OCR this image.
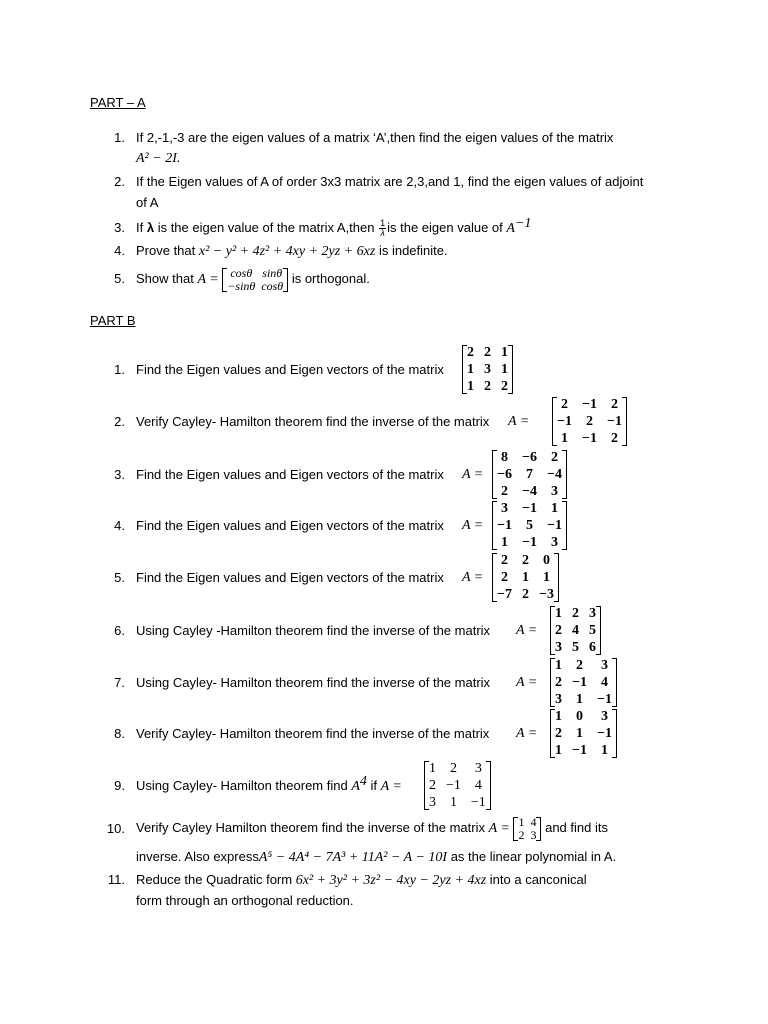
PART – A
1. If 2,-1,-3 are the eigen values of a matrix ‘A’,then find the eigen values of the matrix
A² − 2I.
2. If the Eigen values of A of order 3x3 matrix are 2,3,and 1, find the eigen values of adjoint
of A
3. If λ is the eigen value of the matrix A,then $\frac{1}{\lambda}$ is the eigen value of $A^{-1}$
4. Prove that x² − y² + 4z² + 4xy + 2yz + 6xz is indefinite.
5. Show that A = cosθ sinθ
−sinθ cosθ is orthogonal.
PART B
1. Find the Eigen values and Eigen vectors of the matrix
2 2 1
1 3 1
1 2 2
2. Verify Cayley- Hamilton theorem find the inverse of the matrix A =
2 −1 2
−1 2 −1
1 −1 2
3. Find the Eigen values and Eigen vectors of the matrix A =
8 −6 2
−6 7 −4
2 −4 3
4. Find the Eigen values and Eigen vectors of the matrix A =
3 −1 1
−1 5 −1
1 −1 3
5. Find the Eigen values and Eigen vectors of the matrix A =
2 2 0
2 1 1
−7 2 −3
6. Using Cayley -Hamilton theorem find the inverse of the matrix A =
1 2 3
2 4 5
3 5 6
7. Using Cayley- Hamilton theorem find the inverse of the matrix A =
1 2 3
2 −1 4
3 1 −1
8. Verify Cayley- Hamilton theorem find the inverse of the matrix A =
1 0 3
2 1 −1
1 −1 1
9. Using Cayley- Hamilton theorem find $A^4$ if A =
1 2 3
2 −1 4
3 1 −1
10. Verify Cayley Hamilton theorem find the inverse of the matrix A = 1 4
2 3 and find its
inverse. Also expressA⁵ − 4A⁴ − 7A³ + 11A² − A − 10I as the linear polynomial in A.
11. Reduce the Quadratic form 6x² + 3y² + 3z² − 4xy − 2yz + 4xz into a canconical
form through an orthogonal reduction.
